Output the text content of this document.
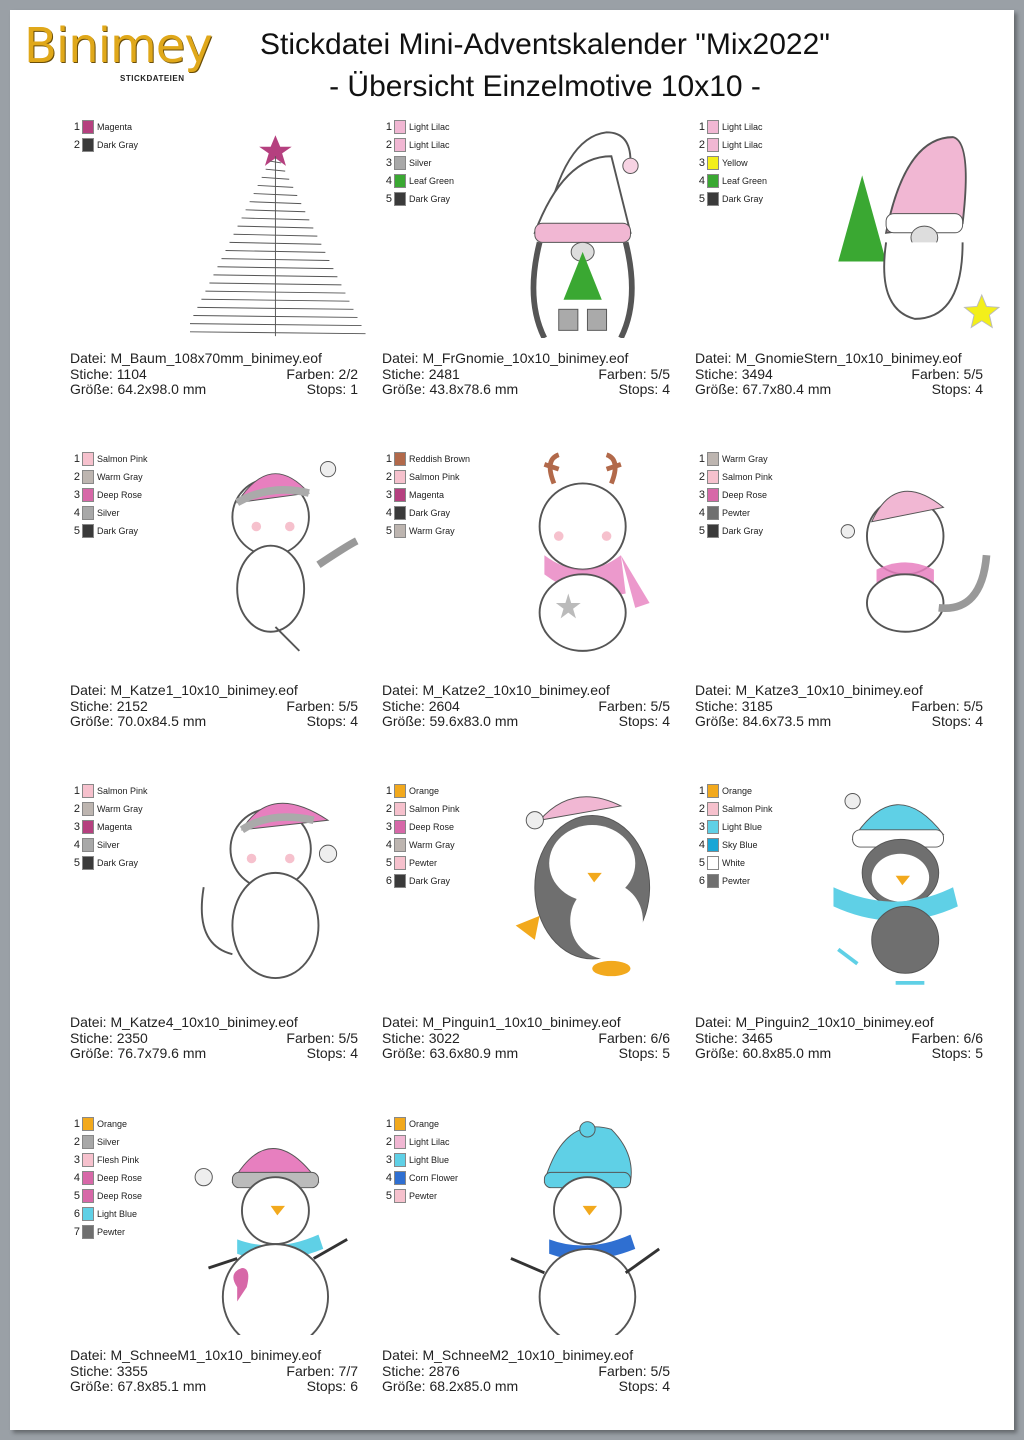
Binimey
STICKDATEIEN
Stickdatei Mini-Adventskalender "Mix2022"
- Übersicht Einzelmotive 10x10 -
1 Magenta
2 Dark Gray
Datei: M_Baum_108x70mm_binimey.eof
Stiche: 1104	Farben: 2/2
Größe: 64.2x98.0 mm	Stops: 1
1 Light Lilac
2 Light Lilac
3 Silver
4 Leaf Green
5 Dark Gray
Datei: M_FrGnomie_10x10_binimey.eof
Stiche: 2481	Farben: 5/5
Größe: 43.8x78.6 mm	Stops: 4
1 Light Lilac
2 Light Lilac
3 Yellow
4 Leaf Green
5 Dark Gray
Datei: M_GnomieStern_10x10_binimey.eof
Stiche: 3494	Farben: 5/5
Größe: 67.7x80.4 mm	Stops: 4
1 Salmon Pink
2 Warm Gray
3 Deep Rose
4 Silver
5 Dark Gray
Datei: M_Katze1_10x10_binimey.eof
Stiche: 2152	Farben: 5/5
Größe: 70.0x84.5 mm	Stops: 4
1 Reddish Brown
2 Salmon Pink
3 Magenta
4 Dark Gray
5 Warm Gray
Datei: M_Katze2_10x10_binimey.eof
Stiche: 2604	Farben: 5/5
Größe: 59.6x83.0 mm	Stops: 4
1 Warm Gray
2 Salmon Pink
3 Deep Rose
4 Pewter
5 Dark Gray
Datei: M_Katze3_10x10_binimey.eof
Stiche: 3185	Farben: 5/5
Größe: 84.6x73.5 mm	Stops: 4
1 Salmon Pink
2 Warm Gray
3 Magenta
4 Silver
5 Dark Gray
Datei: M_Katze4_10x10_binimey.eof
Stiche: 2350	Farben: 5/5
Größe: 76.7x79.6 mm	Stops: 4
1 Orange
2 Salmon Pink
3 Deep Rose
4 Warm Gray
5 Pewter
6 Dark Gray
Datei: M_Pinguin1_10x10_binimey.eof
Stiche: 3022	Farben: 6/6
Größe: 63.6x80.9 mm	Stops: 5
1 Orange
2 Salmon Pink
3 Light Blue
4 Sky Blue
5 White
6 Pewter
Datei: M_Pinguin2_10x10_binimey.eof
Stiche: 3465	Farben: 6/6
Größe: 60.8x85.0 mm	Stops: 5
1 Orange
2 Silver
3 Flesh Pink
4 Deep Rose
5 Deep Rose
6 Light Blue
7 Pewter
Datei: M_SchneeM1_10x10_binimey.eof
Stiche: 3355	Farben: 7/7
Größe: 67.8x85.1 mm	Stops: 6
1 Orange
2 Light Lilac
3 Light Blue
4 Corn Flower
5 Pewter
Datei: M_SchneeM2_10x10_binimey.eof
Stiche: 2876	Farben: 5/5
Größe: 68.2x85.0 mm	Stops: 4
